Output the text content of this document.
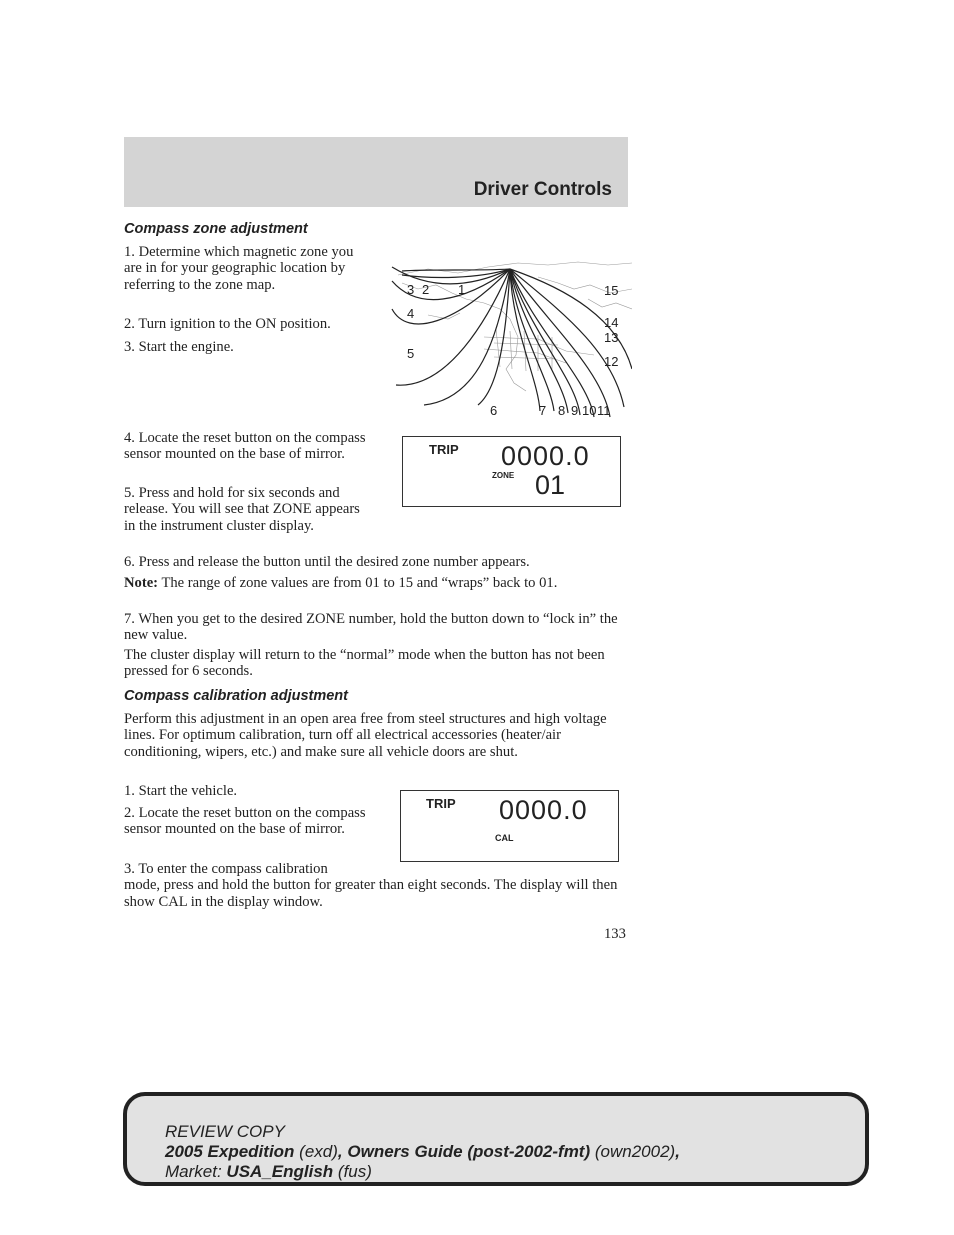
Driver Controls
Compass zone adjustment

1. Determine which magnetic zone you are in for your geographic location by referring to the zone map.

2. Turn ignition to the ON position.

3. Start the engine.

3 2 1
4
5
6	7 8 9 10 11
12
13
14
15

4. Locate the reset button on the compass sensor mounted on the base of mirror.

5. Press and hold for six seconds and release. You will see that ZONE appears in the instrument cluster display.

TRIP 0000.0
ZONE 01

6. Press and release the button until the desired zone number appears.

Note: The range of zone values are from 01 to 15 and “wraps” back to 01.

7. When you get to the desired ZONE number, hold the button down to “lock in” the new value.

The cluster display will return to the “normal” mode when the button has not been pressed for 6 seconds.

Compass calibration adjustment

Perform this adjustment in an open area free from steel structures and high voltage lines. For optimum calibration, turn off all electrical accessories (heater/air conditioning, wipers, etc.) and make sure all vehicle doors are shut.

1. Start the vehicle.

2. Locate the reset button on the compass sensor mounted on the base of mirror.

3. To enter the compass calibration
mode, press and hold the button for greater than eight seconds. The display will then show CAL in the display window.

TRIP 0000.0
CAL
133
REVIEW COPY
2005 Expedition (exd), Owners Guide (post-2002-fmt) (own2002),
Market: USA_English (fus)
